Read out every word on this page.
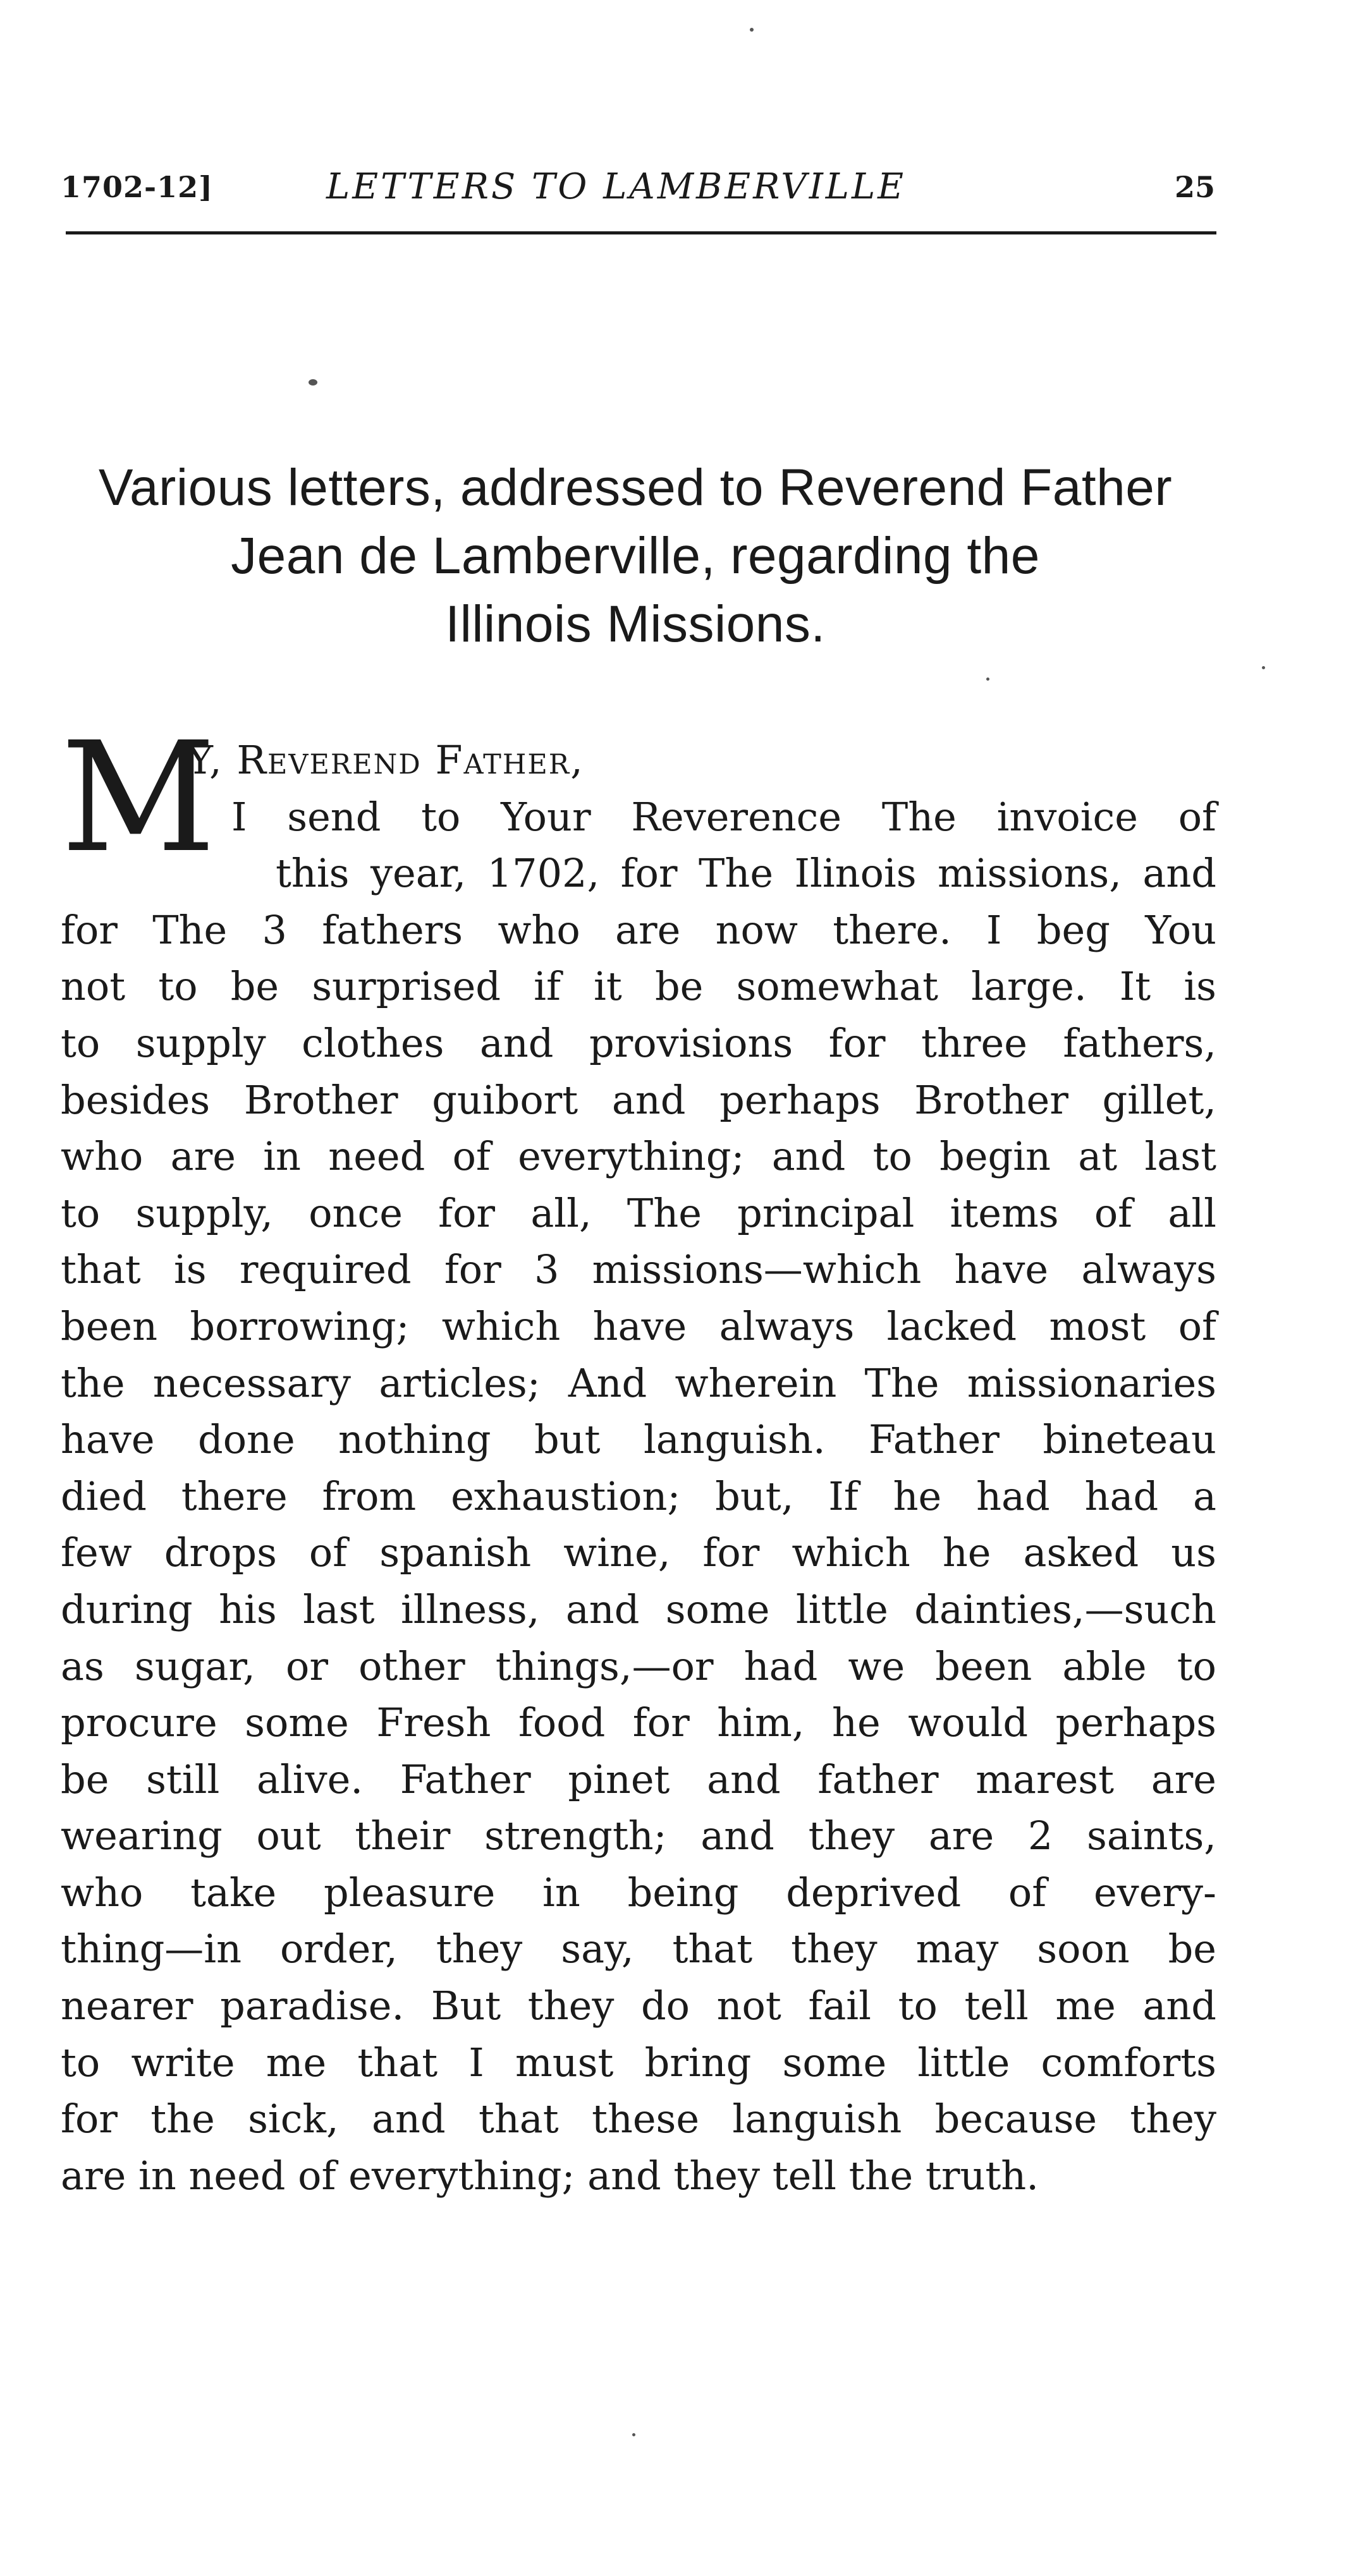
1702-12]	LETTERS TO LAMBERVILLE	25
Various letters, addressed to Reverend Father
Jean de Lamberville, regarding the
Illinois Missions.
M
Y, Reverend Father,
I send to Your Reverence The invoice of
this year, 1702, for The Ilinois missions, and
for The 3 fathers who are now there. I beg You
not to be surprised if it be somewhat large. It is
to supply clothes and provisions for three fathers,
besides Brother guibort and perhaps Brother gillet,
who are in need of everything; and to begin at last
to supply, once for all, The principal items of all
that is required for 3 missions—which have always
been borrowing; which have always lacked most of
the necessary articles; And wherein The missionaries
have done nothing but languish. Father bineteau
died there from exhaustion; but, If he had had a
few drops of spanish wine, for which he asked us
during his last illness, and some little dainties,—such
as sugar, or other things,—or had we been able to
procure some Fresh food for him, he would perhaps
be still alive. Father pinet and father marest are
wearing out their strength; and they are 2 saints,
who take pleasure in being deprived of every-
thing—in order, they say, that they may soon be
nearer paradise. But they do not fail to tell me and
to write me that I must bring some little comforts
for the sick, and that these languish because they
are in need of everything; and they tell the truth.
